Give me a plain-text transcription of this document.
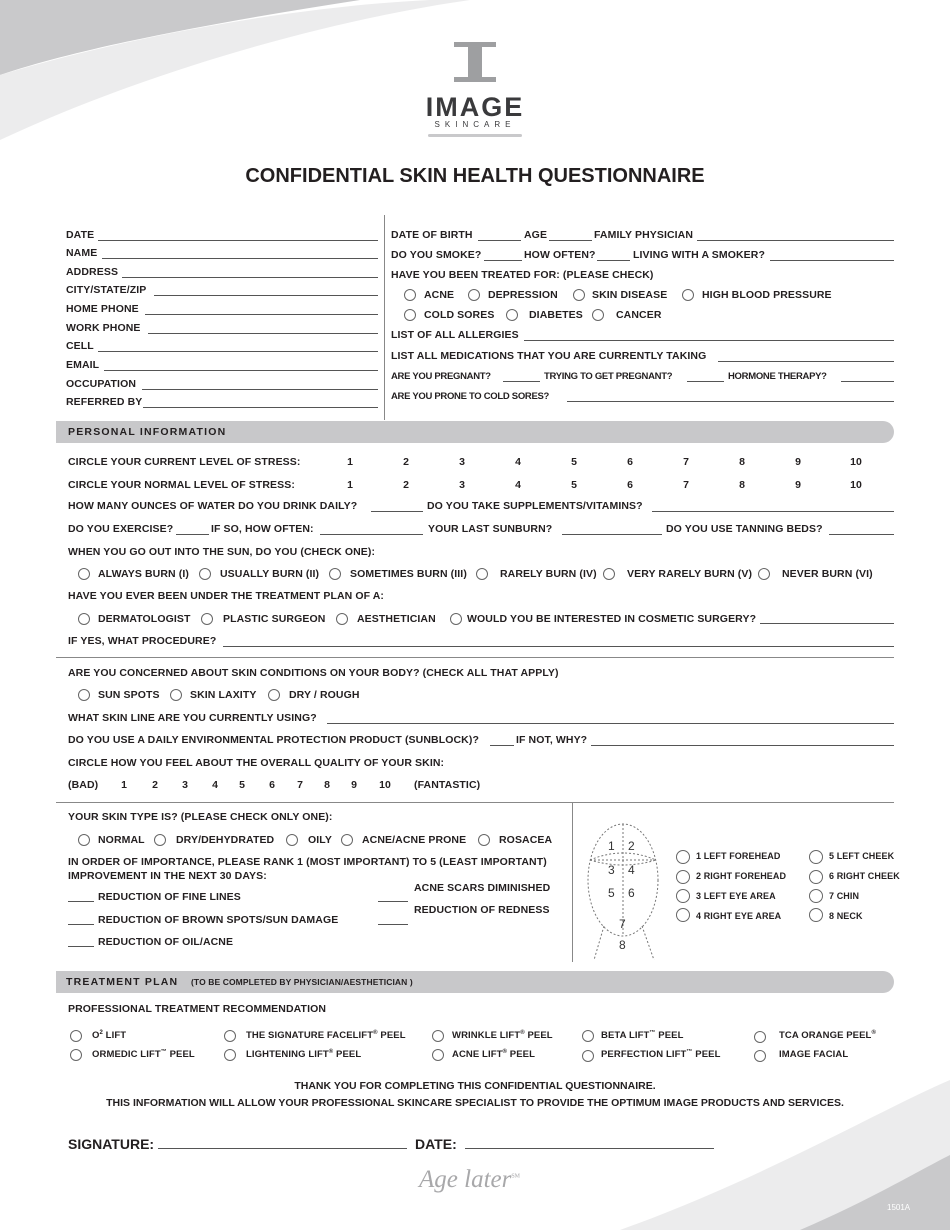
IMAGE
SKINCARE
CONFIDENTIAL SKIN HEALTH QUESTIONNAIRE
DATE
NAME
ADDRESS
CITY/STATE/ZIP
HOME PHONE
WORK PHONE
CELL
EMAIL
OCCUPATION
REFERRED BY
DATE OF BIRTH	AGE	FAMILY PHYSICIAN
DO YOU SMOKE?	HOW OFTEN?	LIVING WITH A SMOKER?
HAVE YOU BEEN TREATED FOR: (PLEASE CHECK)
ACNE	DEPRESSION	SKIN DISEASE	HIGH BLOOD PRESSURE
COLD SORES	DIABETES	CANCER
LIST OF ALL ALLERGIES
LIST ALL MEDICATIONS THAT YOU ARE CURRENTLY TAKING
ARE YOU PREGNANT?	TRYING TO GET PREGNANT?	HORMONE THERAPY?
ARE YOU PRONE TO COLD SORES?
PERSONAL INFORMATION
CIRCLE YOUR CURRENT LEVEL OF STRESS:	1	2	3	4	5	6	7	8	9	10
CIRCLE YOUR NORMAL LEVEL OF STRESS:	1	2	3	4	5	6	7	8	9	10
HOW MANY OUNCES OF WATER DO YOU DRINK DAILY?	DO YOU TAKE SUPPLEMENTS/VITAMINS?
DO YOU EXERCISE?	IF SO, HOW OFTEN:	YOUR LAST SUNBURN?	DO YOU USE TANNING BEDS?
WHEN YOU GO OUT INTO THE SUN, DO YOU (CHECK ONE):
ALWAYS BURN (I)	USUALLY BURN (II)	SOMETIMES BURN (III)	RARELY BURN (IV)	VERY RARELY BURN (V)	NEVER BURN (VI)
HAVE YOU EVER BEEN UNDER THE TREATMENT PLAN OF A:
DERMATOLOGIST	PLASTIC SURGEON	AESTHETICIAN	WOULD YOU BE INTERESTED IN COSMETIC SURGERY?
IF YES, WHAT PROCEDURE?
ARE YOU CONCERNED ABOUT SKIN CONDITIONS ON YOUR BODY? (CHECK ALL THAT APPLY)
SUN SPOTS	SKIN LAXITY	DRY / ROUGH
WHAT SKIN LINE ARE YOU CURRENTLY USING?
DO YOU USE A DAILY ENVIRONMENTAL PROTECTION PRODUCT (SUNBLOCK)?	IF NOT, WHY?
CIRCLE HOW YOU FEEL ABOUT THE OVERALL QUALITY OF YOUR SKIN:
(BAD)	1	2	3	4	5	6	7	8	9	10	(FANTASTIC)
YOUR SKIN TYPE IS? (PLEASE CHECK ONLY ONE):
NORMAL	DRY/DEHYDRATED	OILY	ACNE/ACNE PRONE	ROSACEA
IN ORDER OF IMPORTANCE, PLEASE RANK 1 (MOST IMPORTANT) TO 5 (LEAST IMPORTANT)
IMPROVEMENT IN THE NEXT 30 DAYS:
REDUCTION OF FINE LINES
REDUCTION OF BROWN SPOTS/SUN DAMAGE
REDUCTION OF OIL/ACNE
ACNE SCARS DIMINISHED
REDUCTION OF REDNESS
1 2
3 4
5 6
7
8
1 LEFT FOREHEAD
2 RIGHT FOREHEAD
3 LEFT EYE AREA
4 RIGHT EYE AREA
5 LEFT CHEEK
6 RIGHT CHEEK
7 CHIN
8 NECK
TREATMENT PLAN (TO BE COMPLETED BY PHYSICIAN/AESTHETICIAN )
PROFESSIONAL TREATMENT RECOMMENDATION
$O^2$ LIFT
ORMEDIC LIFT™ PEEL
THE SIGNATURE FACELIFT® PEEL
LIGHTENING LIFT® PEEL
WRINKLE LIFT® PEEL
ACNE LIFT® PEEL
BETA LIFT™ PEEL
PERFECTION LIFT™ PEEL
TCA ORANGE PEEL®
IMAGE FACIAL
THANK YOU FOR COMPLETING THIS CONFIDENTIAL QUESTIONNAIRE.
THIS INFORMATION WILL ALLOW YOUR PROFESSIONAL SKINCARE SPECIALIST TO PROVIDE THE OPTIMUM IMAGE PRODUCTS AND SERVICES.
SIGNATURE:	DATE:
Age later℠
1501A
